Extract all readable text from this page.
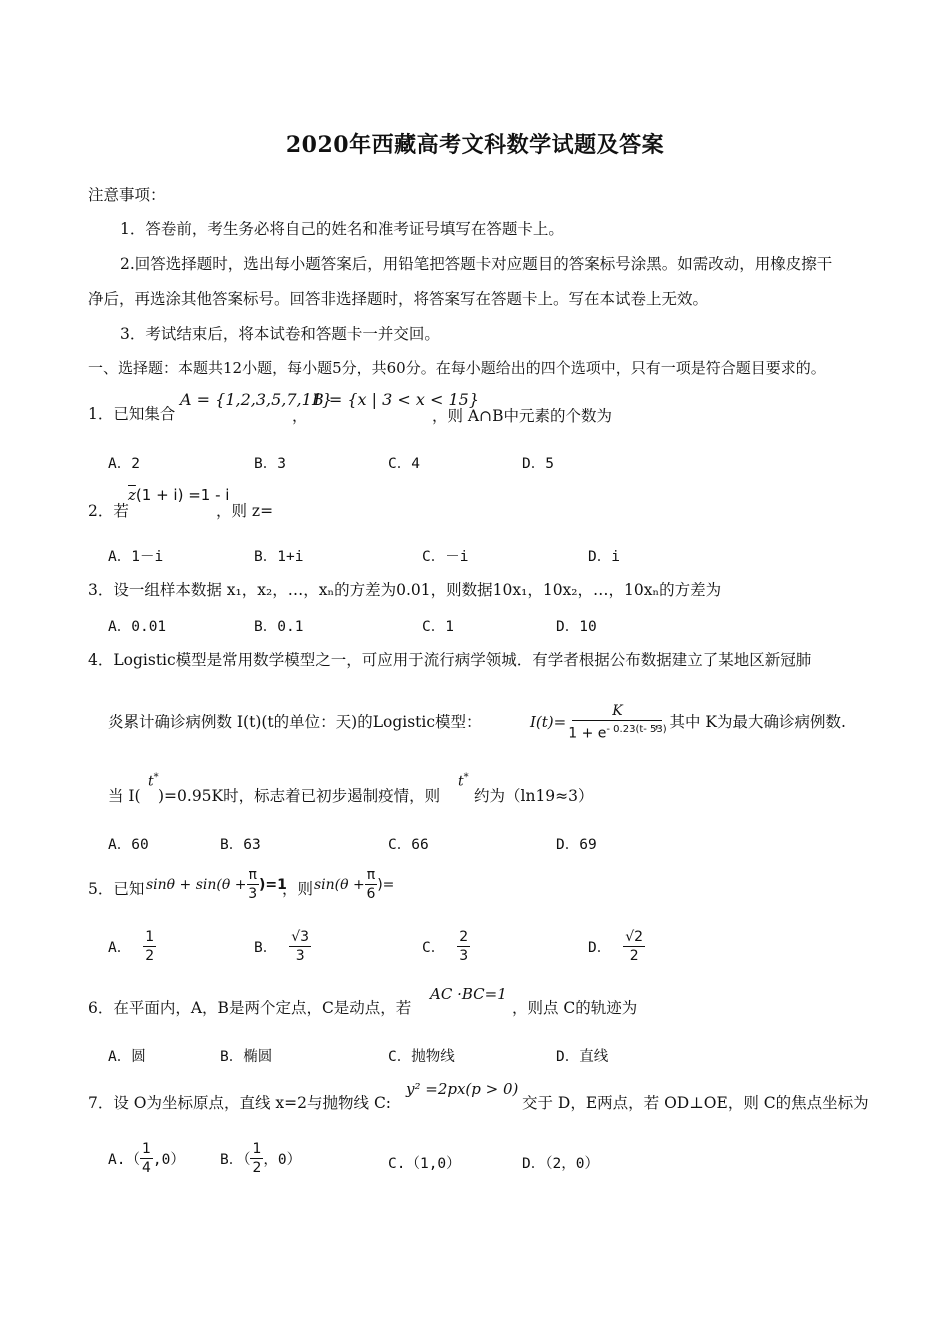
2020年西藏高考文科数学试题及答案
注意事项：
1．答卷前，考生务必将自己的姓名和准考证号填写在答题卡上。
2.回答选择题时，选出每小题答案后，用铅笔把答题卡对应题目的答案标号涂黑。如需改动，用橡皮擦干
净后，再选涂其他答案标号。回答非选择题时，将答案写在答题卡上。写在本试卷上无效。
3．考试结束后，将本试卷和答题卡一并交回。
一、选择题：本题共12小题，每小题5分，共60分。在每小题给出的四个选项中，只有一项是符合题目要求的。
1．已知集合
A = {1,2,3,5,7,11}
，
B = {x | 3 < x < 15}
，则 A∩B中元素的个数为
A．2	B．3	C．4	D．5
2．若
$\overline{z}(1 + i) =1 - i$
，则 z=
A．1－i	B．1+i	C．－i	D．i
3．设一组样本数据 x₁，x₂，…，xₙ的方差为0.01，则数据10x₁，10x₂，…，10xₙ的方差为
A．0.01	B．0.1	C．1	D．10
4．Logistic模型是常用数学模型之一，可应用于流行病学领城．有学者根据公布数据建立了某地区新冠肺
炎累计确诊病例数 I(t)(t的单位：天)的Logistic模型：	$I(t)= \frac{K}{1 + e^{- 0.23(t- 53)}}$
，其中 K为最大确诊病例数.
当 I(
t*
)=0.95K时，标志着已初步遏制疫情，则
t*
约为（ln19≈3）
A．60	B．63	C．66	D．69
5．已知 $\sin\theta + \sin(\theta + \frac{\pi}{3} )=1$
，则 $\sin(\theta + \frac{\pi}{6}$ )=
A． $\frac{1}{2}$	B． $\frac{√3}{3}$	C． $\frac{2}{3}$	D． $\frac{√2}{2}$
6．在平面内，A，B是两个定点，C是动点，若
AC ·BC=1
，则点 C的轨迹为
A．圆	B．椭圆	C．抛物线	D．直线
7．设 O为坐标原点，直线 x=2与抛物线 C:
y² =2px(p > 0)
交于 D，E两点，若 OD⊥OE，则 C的焦点坐标为
$A.( \frac{1}{4} ,0)$ B．（ $\frac{1}{2}$ ，0）	C.（1,0）	D．（2，0）
